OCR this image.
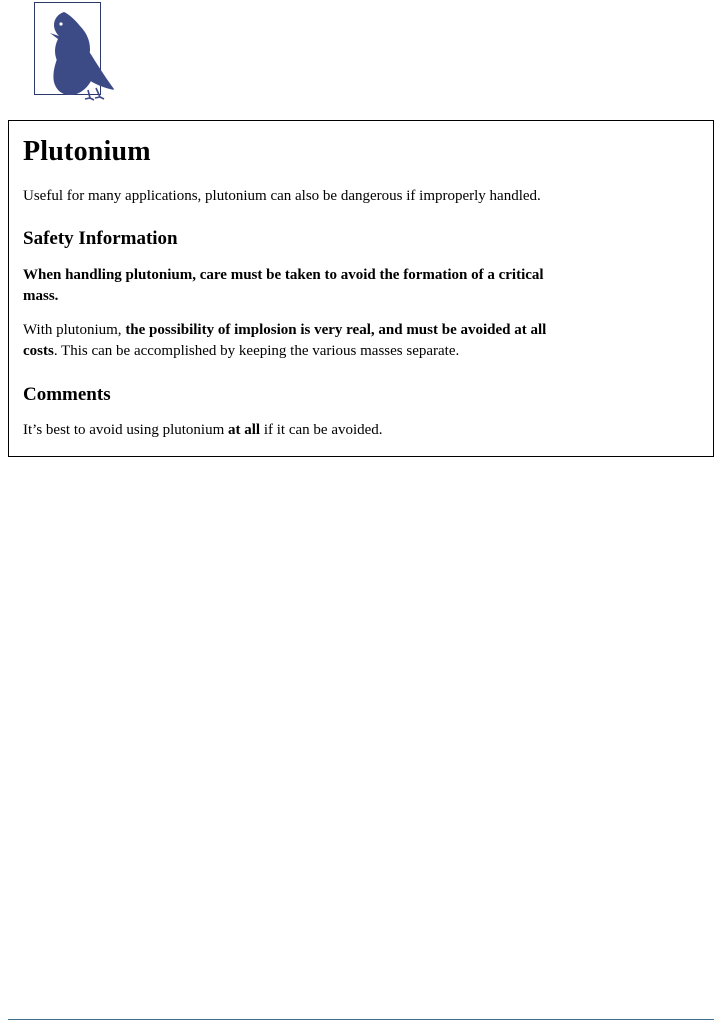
Plutonium

Useful for many applications, plutonium can also be dangerous if improperly handled.

Safety Information

When handling plutonium, care must be taken to avoid the formation of a critical mass.

With plutonium, the possibility of implosion is very real, and must be avoided at all costs. This can be accomplished by keeping the various masses separate.

Comments

It’s best to avoid using plutonium at all if it can be avoided.
